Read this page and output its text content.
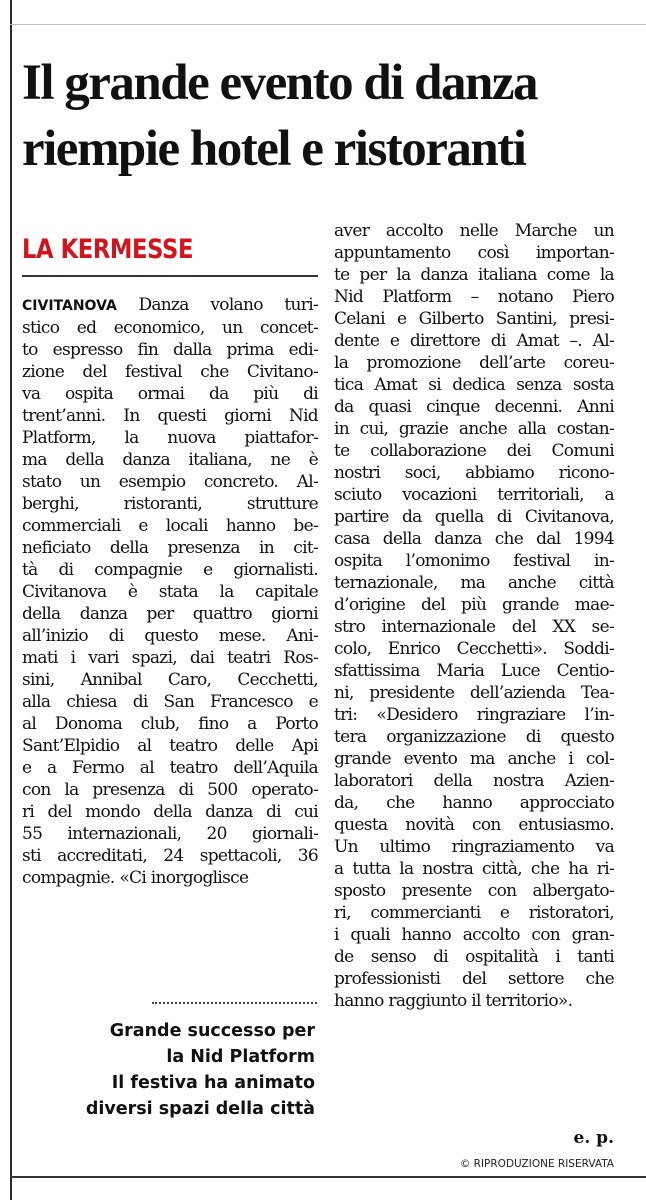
Il grande evento di danza
riempie hotel e ristoranti
LA KERMESSE
CIVITANOVA Danza volano turi-
stico ed economico, un concet-
to espresso fin dalla prima edi-
zione del festival che Civitano-
va ospita ormai da più di
trent’anni. In questi giorni Nid
Platform, la nuova piattafor-
ma della danza italiana, ne è
stato un esempio concreto. Al-
berghi, ristoranti, strutture
commerciali e locali hanno be-
neficiato della presenza in cit-
tà di compagnie e giornalisti.
Civitanova è stata la capitale
della danza per quattro giorni
all’inizio di questo mese. Ani-
mati i vari spazi, dai teatri Ros-
sini, Annibal Caro, Cecchetti,
alla chiesa di San Francesco e
al Donoma club, fino a Porto
Sant’Elpidio al teatro delle Api
e a Fermo al teatro dell’Aquila
con la presenza di 500 operato-
ri del mondo della danza di cui
55 internazionali, 20 giornali-
sti accreditati, 24 spettacoli, 36
compagnie. «Ci inorgoglisce
aver accolto nelle Marche un
appuntamento così importan-
te per la danza italiana come la
Nid Platform – notano Piero
Celani e Gilberto Santini, presi-
dente e direttore di Amat –. Al-
la promozione dell’arte coreu-
tica Amat si dedica senza sosta
da quasi cinque decenni. Anni
in cui, grazie anche alla costan-
te collaborazione dei Comuni
nostri soci, abbiamo ricono-
sciuto vocazioni territoriali, a
partire da quella di Civitanova,
casa della danza che dal 1994
ospita l’omonimo festival in-
ternazionale, ma anche città
d’origine del più grande mae-
stro internazionale del XX se-
colo, Enrico Cecchetti». Soddi-
sfattissima Maria Luce Centio-
ni, presidente dell’azienda Tea-
tri: «Desidero ringraziare l’in-
tera organizzazione di questo
grande evento ma anche i col-
laboratori della nostra Azien-
da, che hanno approcciato
questa novità con entusiasmo.
Un ultimo ringraziamento va
a tutta la nostra città, che ha ri-
sposto presente con albergato-
ri, commercianti e ristoratori,
i quali hanno accolto con gran-
de senso di ospitalità i tanti
professionisti del settore che
hanno raggiunto il territorio».
Grande successo per
la Nid Platform
Il festiva ha animato
diversi spazi della città
e. p.
© RIPRODUZIONE RISERVATA
